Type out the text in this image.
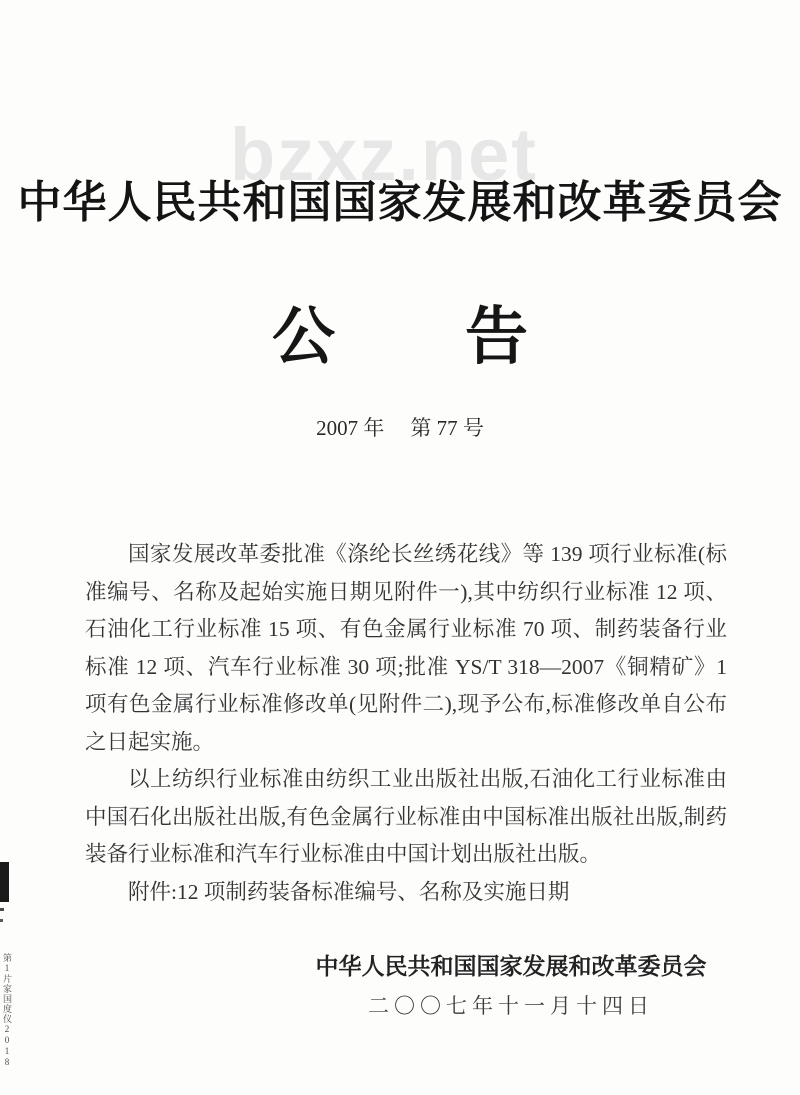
bzxz.net
中华人民共和国国家发展和改革委员会
公 告
2007 年 第 77 号

国家发展改革委批准《涤纶长丝绣花线》等 139 项行业标准(标准编号、名称及起始实施日期见附件一),其中纺织行业标准 12 项、石油化工行业标准 15 项、有色金属行业标准 70 项、制药装备行业标准 12 项、汽车行业标准 30 项;批准 YS/T 318—2007《铜精矿》1 项有色金属行业标准修改单(见附件二),现予公布,标准修改单自公布之日起实施。

以上纺织行业标准由纺织工业出版社出版,石油化工行业标准由中国石化出版社出版,有色金属行业标准由中国标准出版社出版,制药装备行业标准和汽车行业标准由中国计划出版社出版。

附件:12 项制药装备标准编号、名称及实施日期

中华人民共和国国家发展和改革委员会
二〇〇七年十一月十四日
第1片家国度仪2018
